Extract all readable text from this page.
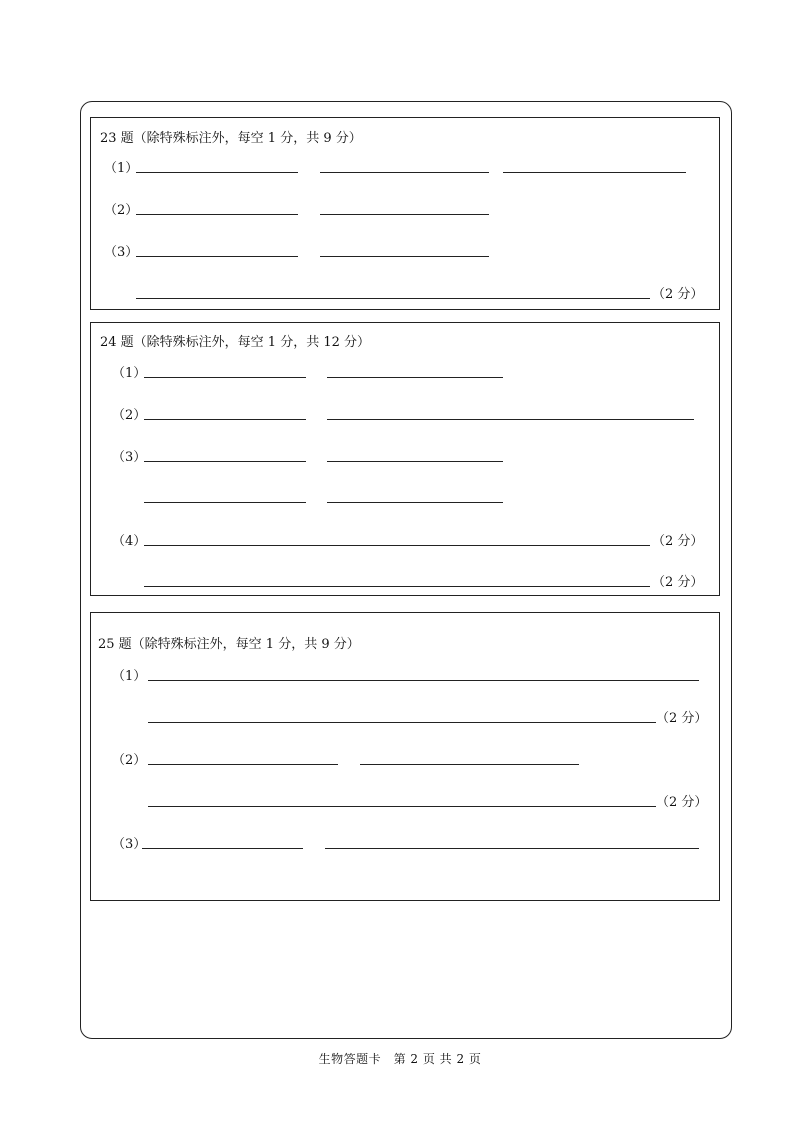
23 题（除特殊标注外，每空 1 分，共 9 分）
（1）
（2）
（3）
（2 分）
24 题（除特殊标注外，每空 1 分，共 12 分）
（1）
（2）
（3）
（4）	（2 分）
（2 分）
25 题（除特殊标注外，每空 1 分，共 9 分）
（1）
（2 分）
（2）
（2 分）
（3）
生物答题卡　第 2 页 共 2 页
